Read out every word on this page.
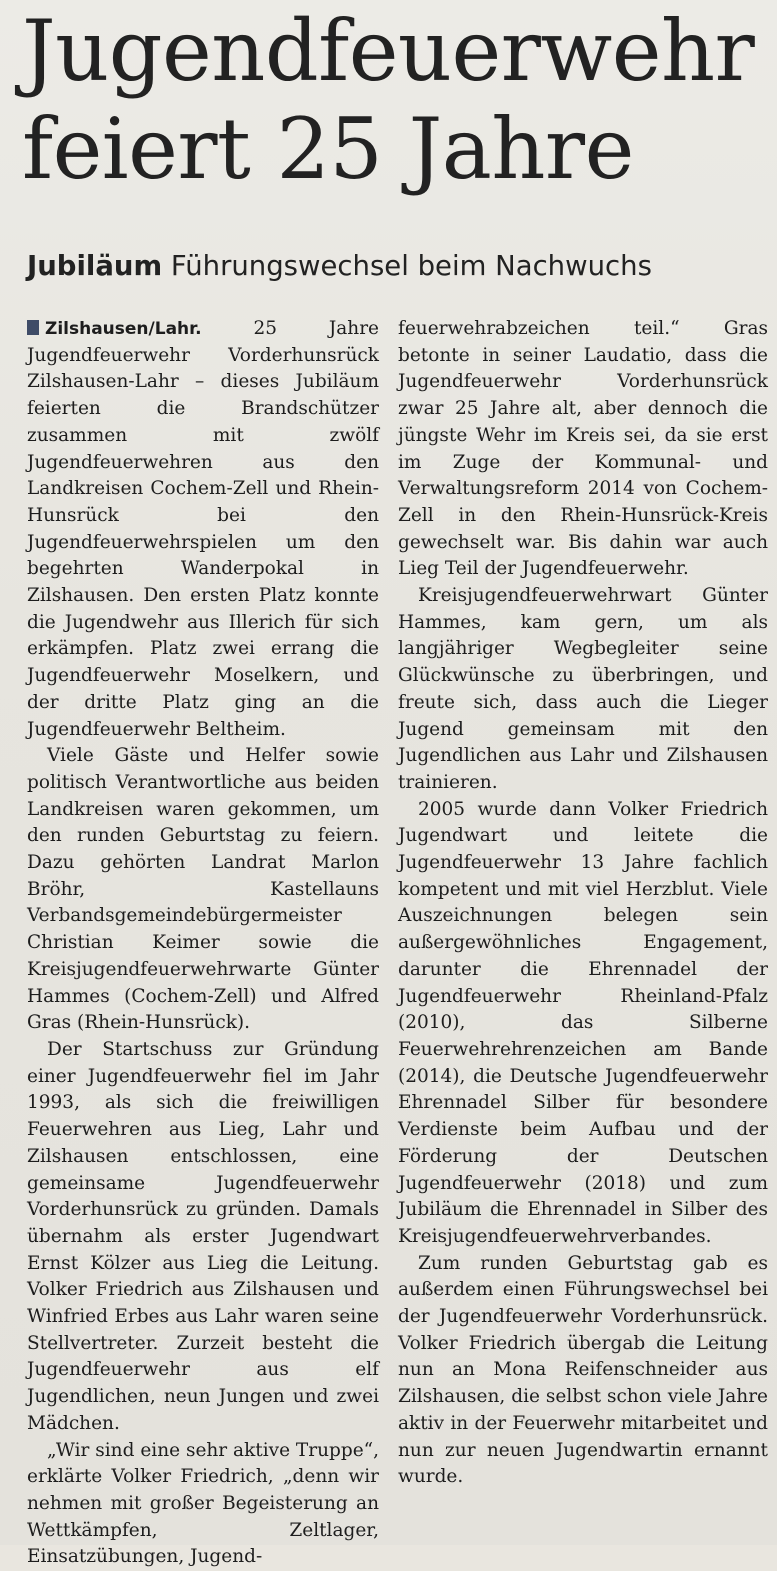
Jugendfeuerwehr
feiert 25 Jahre
Jubiläum Führungswechsel beim Nachwuchs

Zilshausen/Lahr.	25 Jahre Jugendfeuerwehr Vorderhunsrück Zilshausen-Lahr – dieses Jubiläum feierten die Brandschützer zusammen mit zwölf Jugendfeuerwehren aus den Landkreisen Cochem-Zell und Rhein-Hunsrück bei den Jugendfeuerwehrspielen um den begehrten Wanderpokal in Zilshausen. Den ersten Platz konnte die Jugendwehr aus Illerich für sich erkämpfen. Platz zwei errang die Jugendfeuerwehr Moselkern, und der dritte Platz ging an die Jugendfeuerwehr Beltheim.

Viele Gäste und Helfer sowie politisch Verantwortliche aus beiden Landkreisen waren gekommen, um den runden Geburtstag zu feiern. Dazu gehörten Landrat Marlon Bröhr, Kastellauns Verbandsgemeindebürgermeister Christian Keimer sowie die Kreisjugendfeuerwehrwarte Günter Hammes (Cochem-Zell) und Alfred Gras (Rhein-Hunsrück).

Der Startschuss zur Gründung einer Jugendfeuerwehr fiel im Jahr 1993, als sich die freiwilligen Feuerwehren aus Lieg, Lahr und Zilshausen entschlossen, eine gemeinsame Jugendfeuerwehr Vorderhunsrück zu gründen. Damals übernahm als erster Jugendwart Ernst Kölzer aus Lieg die Leitung. Volker Friedrich aus Zilshausen und Winfried Erbes aus Lahr waren seine Stellvertreter. Zurzeit besteht die Jugendfeuerwehr aus elf Jugendlichen, neun Jungen und zwei Mädchen.

„Wir sind eine sehr aktive Truppe“, erklärte Volker Friedrich, „denn wir nehmen mit großer Begeisterung an Wettkämpfen, Zeltlager, Einsatzübungen, Jugend-

feuerwehrabzeichen teil.“ Gras betonte in seiner Laudatio, dass die Jugendfeuerwehr Vorderhunsrück zwar 25 Jahre alt, aber dennoch die jüngste Wehr im Kreis sei, da sie erst im Zuge der Kommunal- und Verwaltungsreform 2014 von Cochem-Zell in den Rhein-Hunsrück-Kreis gewechselt war. Bis dahin war auch Lieg Teil der Jugendfeuerwehr.

Kreisjugendfeuerwehrwart Günter Hammes, kam gern, um als langjähriger Wegbegleiter seine Glückwünsche zu überbringen, und freute sich, dass auch die Lieger Jugend gemeinsam mit den Jugendlichen aus Lahr und Zilshausen trainieren.

2005 wurde dann Volker Friedrich Jugendwart und leitete die Jugendfeuerwehr 13 Jahre fachlich kompetent und mit viel Herzblut. Viele Auszeichnungen belegen sein außergewöhnliches Engagement, darunter die Ehrennadel der Jugendfeuerwehr Rheinland-Pfalz (2010), das Silberne Feuerwehrehrenzeichen am Bande (2014), die Deutsche Jugendfeuerwehr Ehrennadel Silber für besondere Verdienste beim Aufbau und der Förderung der Deutschen Jugendfeuerwehr (2018) und zum Jubiläum die Ehrennadel in Silber des Kreisjugendfeuerwehrverbandes.

Zum runden Geburtstag gab es außerdem einen Führungswechsel bei der Jugendfeuerwehr Vorderhunsrück. Volker Friedrich übergab die Leitung nun an Mona Reifenschneider aus Zilshausen, die selbst schon viele Jahre aktiv in der Feuerwehr mitarbeitet und nun zur neuen Jugendwartin ernannt wurde.
